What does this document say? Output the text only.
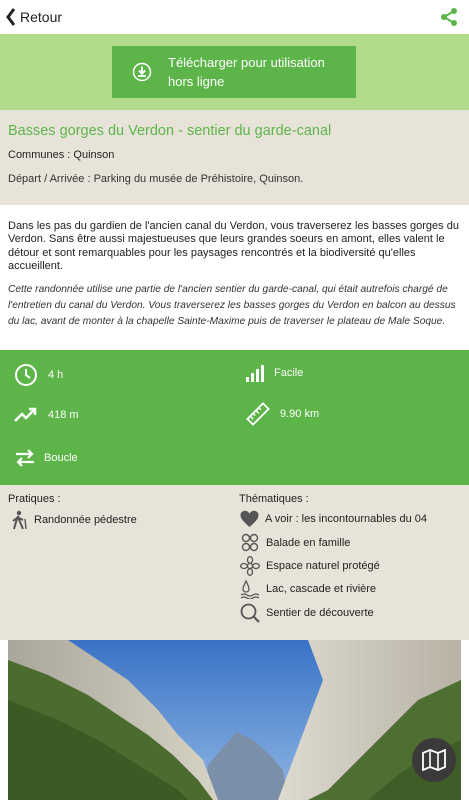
Retour
Télécharger pour utilisation hors ligne
Basses gorges du Verdon - sentier du garde-canal
Communes : Quinson
Départ / Arrivée : Parking du musée de Préhistoire, Quinson.
Dans les pas du gardien de l'ancien canal du Verdon, vous traverserez les basses gorges du Verdon. Sans être aussi majestueuses que leurs grandes soeurs en amont, elles valent le détour et sont remarquables pour les paysages rencontrés et la biodiversité qu'elles accueillent.
Cette randonnée utilise une partie de l'ancien sentier du garde-canal, qui était autrefois chargé de l'entretien du canal du Verdon. Vous traverserez les basses gorges du Verdon en balcon au dessus du lac, avant de monter à la chapelle Sainte-Maxime puis de traverser le plateau de Male Soque.
4 h	Facile
418 m	9.90 km
Boucle
Pratiques :
Randonnée pédestre
Thématiques :
A voir : les incontournables du 04
Balade en famille
Espace naturel protégé
Lac, cascade et rivière
Sentier de découverte
